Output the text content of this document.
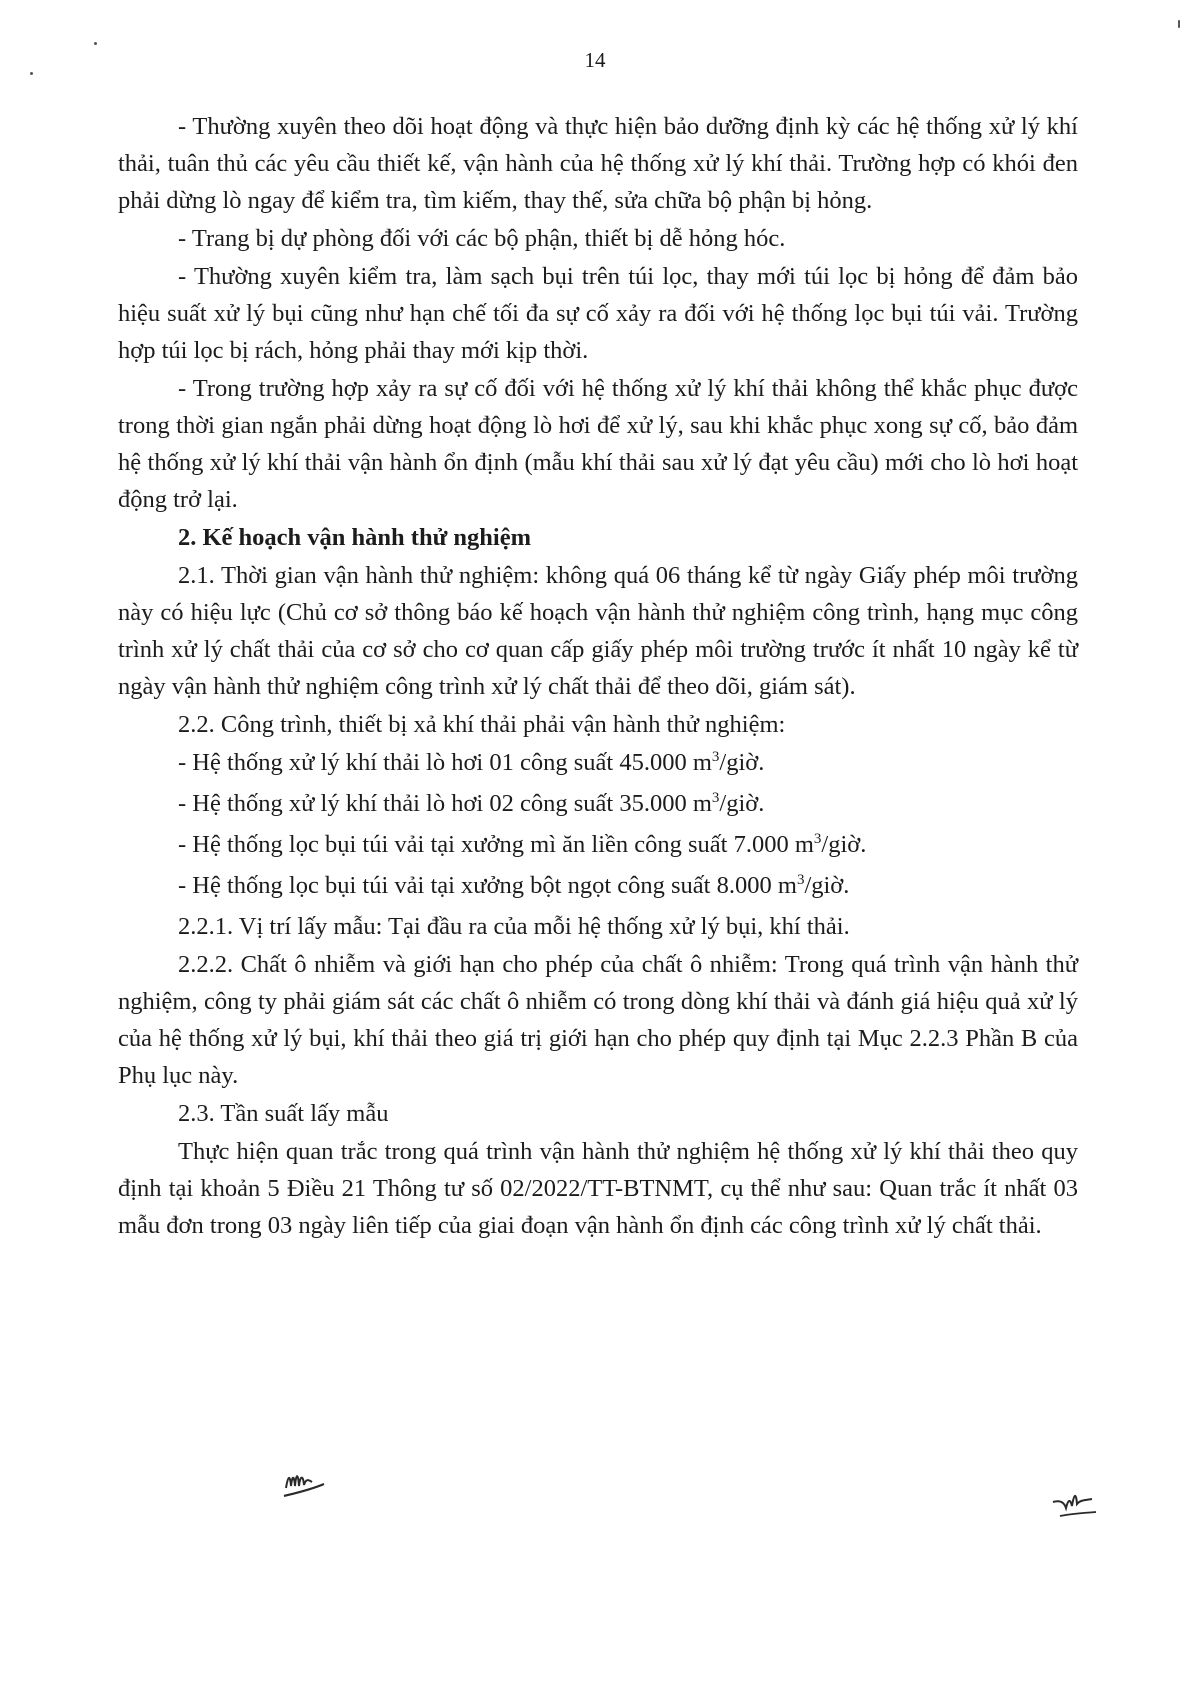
14

- Thường xuyên theo dõi hoạt động và thực hiện bảo dưỡng định kỳ các hệ thống xử lý khí thải, tuân thủ các yêu cầu thiết kế, vận hành của hệ thống xử lý khí thải. Trường hợp có khói đen phải dừng lò ngay để kiểm tra, tìm kiếm, thay thế, sửa chữa bộ phận bị hỏng.

- Trang bị dự phòng đối với các bộ phận, thiết bị dễ hỏng hóc.

- Thường xuyên kiểm tra, làm sạch bụi trên túi lọc, thay mới túi lọc bị hỏng để đảm bảo hiệu suất xử lý bụi cũng như hạn chế tối đa sự cố xảy ra đối với hệ thống lọc bụi túi vải. Trường hợp túi lọc bị rách, hỏng phải thay mới kịp thời.

- Trong trường hợp xảy ra sự cố đối với hệ thống xử lý khí thải không thể khắc phục được trong thời gian ngắn phải dừng hoạt động lò hơi để xử lý, sau khi khắc phục xong sự cố, bảo đảm hệ thống xử lý khí thải vận hành ổn định (mẫu khí thải sau xử lý đạt yêu cầu) mới cho lò hơi hoạt động trở lại.

2. Kế hoạch vận hành thử nghiệm

2.1. Thời gian vận hành thử nghiệm: không quá 06 tháng kể từ ngày Giấy phép môi trường này có hiệu lực (Chủ cơ sở thông báo kế hoạch vận hành thử nghiệm công trình, hạng mục công trình xử lý chất thải của cơ sở cho cơ quan cấp giấy phép môi trường trước ít nhất 10 ngày kể từ ngày vận hành thử nghiệm công trình xử lý chất thải để theo dõi, giám sát).

2.2. Công trình, thiết bị xả khí thải phải vận hành thử nghiệm:

- Hệ thống xử lý khí thải lò hơi 01 công suất 45.000 $m^3$/giờ.
- Hệ thống xử lý khí thải lò hơi 02 công suất 35.000 $m^3$/giờ.
- Hệ thống lọc bụi túi vải tại xưởng mì ăn liền công suất 7.000 $m^3$/giờ.
- Hệ thống lọc bụi túi vải tại xưởng bột ngọt công suất 8.000 $m^3$/giờ.

2.2.1. Vị trí lấy mẫu: Tại đầu ra của mỗi hệ thống xử lý bụi, khí thải.

2.2.2. Chất ô nhiễm và giới hạn cho phép của chất ô nhiễm: Trong quá trình vận hành thử nghiệm, công ty phải giám sát các chất ô nhiễm có trong dòng khí thải và đánh giá hiệu quả xử lý của hệ thống xử lý bụi, khí thải theo giá trị giới hạn cho phép quy định tại Mục 2.2.3 Phần B của Phụ lục này.

2.3. Tần suất lấy mẫu

Thực hiện quan trắc trong quá trình vận hành thử nghiệm hệ thống xử lý khí thải theo quy định tại khoản 5 Điều 21 Thông tư số 02/2022/TT-BTNMT, cụ thể như sau: Quan trắc ít nhất 03 mẫu đơn trong 03 ngày liên tiếp của giai đoạn vận hành ổn định các công trình xử lý chất thải.
